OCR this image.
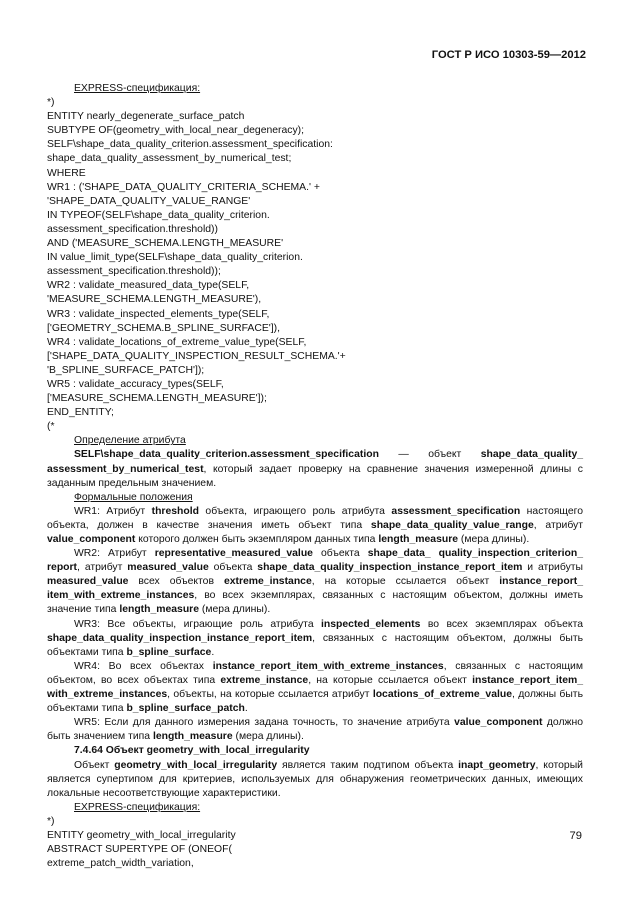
ГОСТ Р ИСО 10303-59—2012
EXPRESS-спецификация:
*)
ENTITY nearly_degenerate_surface_patch
SUBTYPE OF(geometry_with_local_near_degeneracy);
SELF\shape_data_quality_criterion.assessment_specification:
shape_data_quality_assessment_by_numerical_test;
WHERE
WR1 : ('SHAPE_DATA_QUALITY_CRITERIA_SCHEMA.' +
'SHAPE_DATA_QUALITY_VALUE_RANGE'
IN TYPEOF(SELF\shape_data_quality_criterion.
assessment_specification.threshold))
AND ('MEASURE_SCHEMA.LENGTH_MEASURE'
IN value_limit_type(SELF\shape_data_quality_criterion.
assessment_specification.threshold));
WR2 : validate_measured_data_type(SELF,
'MEASURE_SCHEMA.LENGTH_MEASURE'),
WR3 : validate_inspected_elements_type(SELF,
['GEOMETRY_SCHEMA.B_SPLINE_SURFACE']),
WR4 : validate_locations_of_extreme_value_type(SELF,
['SHAPE_DATA_QUALITY_INSPECTION_RESULT_SCHEMA.'+
'B_SPLINE_SURFACE_PATCH']);
WR5 : validate_accuracy_types(SELF,
['MEASURE_SCHEMA.LENGTH_MEASURE']);
END_ENTITY;
(*
Определение атрибута
SELF\shape_data_quality_criterion.assessment_specification — объект shape_data_quality_ assessment_by_numerical_test, который задает проверку на сравнение значения измеренной длины с заданным предельным значением.
Формальные положения
WR1: Атрибут threshold объекта, играющего роль атрибута assessment_specification настоящего объекта, должен в качестве значения иметь объект типа shape_data_quality_value_range, атрибут value_component которого должен быть экземпляром данных типа length_measure (мера длины).
WR2: Атрибут representative_measured_value объекта shape_data_ quality_inspection_criterion_ report, атрибут measured_value объекта shape_data_quality_inspection_instance_report_item и атрибуты measured_value всех объектов extreme_instance, на которые ссылается объект instance_report_ item_with_extreme_instances, во всех экземплярах, связанных с настоящим объектом, должны иметь значение типа length_measure (мера длины).
WR3: Все объекты, играющие роль атрибута inspected_elements во всех экземплярах объекта shape_data_quality_inspection_instance_report_item, связанных с настоящим объектом, должны быть объектами типа b_spline_surface.
WR4: Во всех объектах instance_report_item_with_extreme_instances, связанных с настоящим объектом, во всех объектах типа extreme_instance, на которые ссылается объект instance_report_item_ with_extreme_instances, объекты, на которые ссылается атрибут locations_of_extreme_value, должны быть объектами типа b_spline_surface_patch.
WR5: Если для данного измерения задана точность, то значение атрибута value_component должно быть значением типа length_measure (мера длины).
7.4.64 Объект geometry_with_local_irregularity
Объект geometry_with_local_irregularity является таким подтипом объекта inapt_geometry, который является супертипом для критериев, используемых для обнаружения геометрических данных, имеющих локальные несоответствующие характеристики.
EXPRESS-спецификация:
*)
ENTITY geometry_with_local_irregularity
ABSTRACT SUPERTYPE OF (ONEOF(
extreme_patch_width_variation,
79
